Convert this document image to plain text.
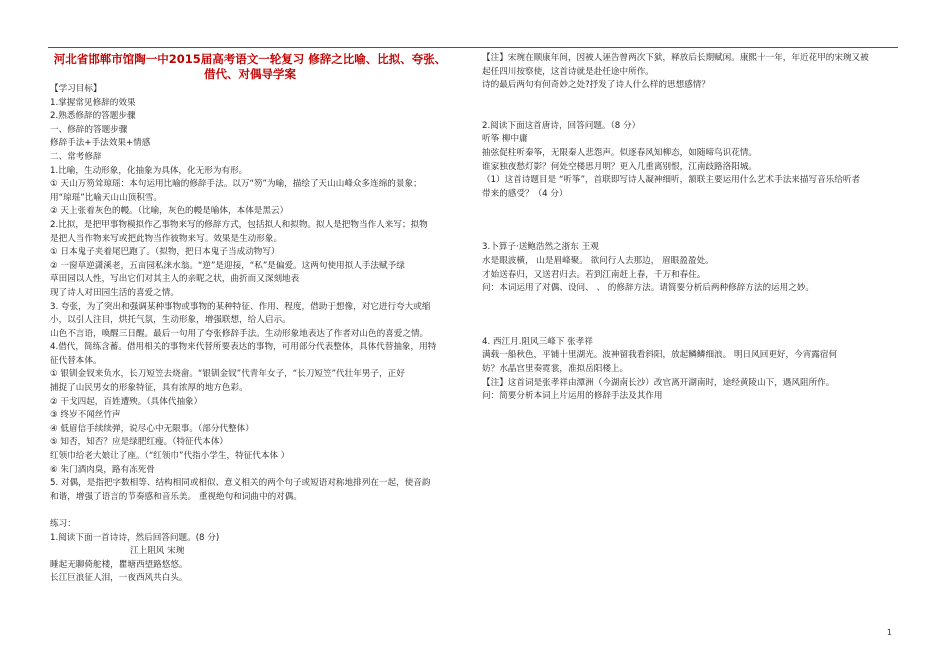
河北省邯郸市馆陶一中2015届高考语文一轮复习 修辞之比喻、比拟、夸张、借代、对偶导学案
【学习目标】
1.掌握常见修辞的效果
2.熟悉修辞的答题步骤
一、修辞的答题步骤
修辞手法+手法效果+情感
二、常考修辞
1.比喻，生动形象，化抽象为具体，化无形为有形。
① 天山万笏耸琼瑶：本句运用比喻的修辞手法。以万“笏”为喻，描绘了天山山峰众多连绵的景象；
用“琼瑶”比喻天山山顶积雪。
② 天上张着灰色的幔。（比喻，灰色的幔是喻体，本体是黑云）
2.比拟，是把甲事物模拟作乙事物来写的修辞方式，包括拟人和拟物。拟人是把物当作人来写；拟物
是把人当作物来写或把此物当作彼物来写。效果是生动形象。
① 日本鬼子夹着尾巴跑了。（拟物，把日本鬼子当成动物写）
② 一窗草逆潇溪老，五亩园私涞水翁。“逆”是迎接，“私”是偏爱。这两句使用拟人手法赋予绿
草田园以人性，写出它们对其主人的亲昵之状，曲折而又深刻地表
现了诗人对田园生活的喜爱之情。
3. 夸张，为了突出和强调某种事物或事物的某种特征、作用、程度，借助于想像，对它进行夸大或缩
小，以引人注目，烘托气氛，生动形象，增强联想，给人启示。
山色不言语，唤醒三日醒。最后一句用了夸张修辞手法。生动形象地表达了作者对山色的喜爱之情。
4.借代，简练含蓄。借用相关的事物来代替所要表达的事物，可用部分代表整体，具体代替抽象，用特
征代替本体。
① 银钏金钗来负水，长刀短笠去烧畲。“银钏金钗”代青年女子，“长刀短笠”代壮年男子，正好
捕捉了山民男女的形象特征，具有浓厚的地方色彩。
② 干戈四起，百姓遭殃。（具体代抽象）
③ 终岁不闻丝竹声
④ 低眉信手续续弹，说尽心中无限事。（部分代整体）
⑤ 知否，知否？应是绿肥红瘦。（特征代本体）
红领巾给老大娘让了座。（“红领巾”代指小学生，特征代本体 ）
⑥ 朱门酒肉臭，路有冻死骨
5. 对偶，是指把字数相等、结构相同或相似、意义相关的两个句子或短语对称地排列在一起，使音韵
和谐，增强了语言的节奏感和音乐美。 重视绝句和词曲中的对偶。
练习：
1.阅读下面一首诗诗，然后回答问题。(8 分)
江上阻风 宋琬
睡起无聊倚舵楼，瞿塘西望路悠悠。
长江巨浪征人泪，一夜西风共白头。
【注】宋琬在顺康年间，因被人诬告曾两次下狱，释放后长期赋闲。康熙十一年，年近花甲的宋琬又被
起任四川按察使，这首诗就是赴任途中所作。
诗的最后两句有何奇妙之处?抒发了诗人什么样的思想感情？
2.阅读下面这首唐诗，回答问题。（8 分）
听筝 柳中庸
抽弦促柱听秦筝，无限秦人悲怨声。似逐春风知柳态，如随啼鸟识花情。
谁家独夜愁灯影？何处空楼思月明？更入几重离别恨，江南歧路洛阳城。
（1）这首诗题目是 “听筝”，首联即写诗人凝神细听，颔联主要运用什么艺术手法来描写音乐给听者
带来的感受？（4 分）
3.卜算子·送鲍浩然之浙东 王观
水是眼波横， 山是眉峰聚。 欲问行人去那边， 眉眼盈盈处。
才始送春归，又送君归去。若到江南赶上春，千万和春住。
问：本词运用了对偶、设问、 、 的修辞方法。请简要分析后两种修辞方法的运用之妙。
4. 西江月.阻风三峰下 张孝祥
满载一船秋色，平铺十里湖光。波神留我看斜阳，放起鳞鳞细浪。 明日风回更好，今宵露宿何
妨？水晶宫里奏霓裳，准拟岳阳楼上。
【注】这首词是张孝祥由潭洲（今湖南长沙）改官离开湖南时，途经黄陵山下，遇风阻所作。
问：简要分析本词上片运用的修辞手法及其作用
1
